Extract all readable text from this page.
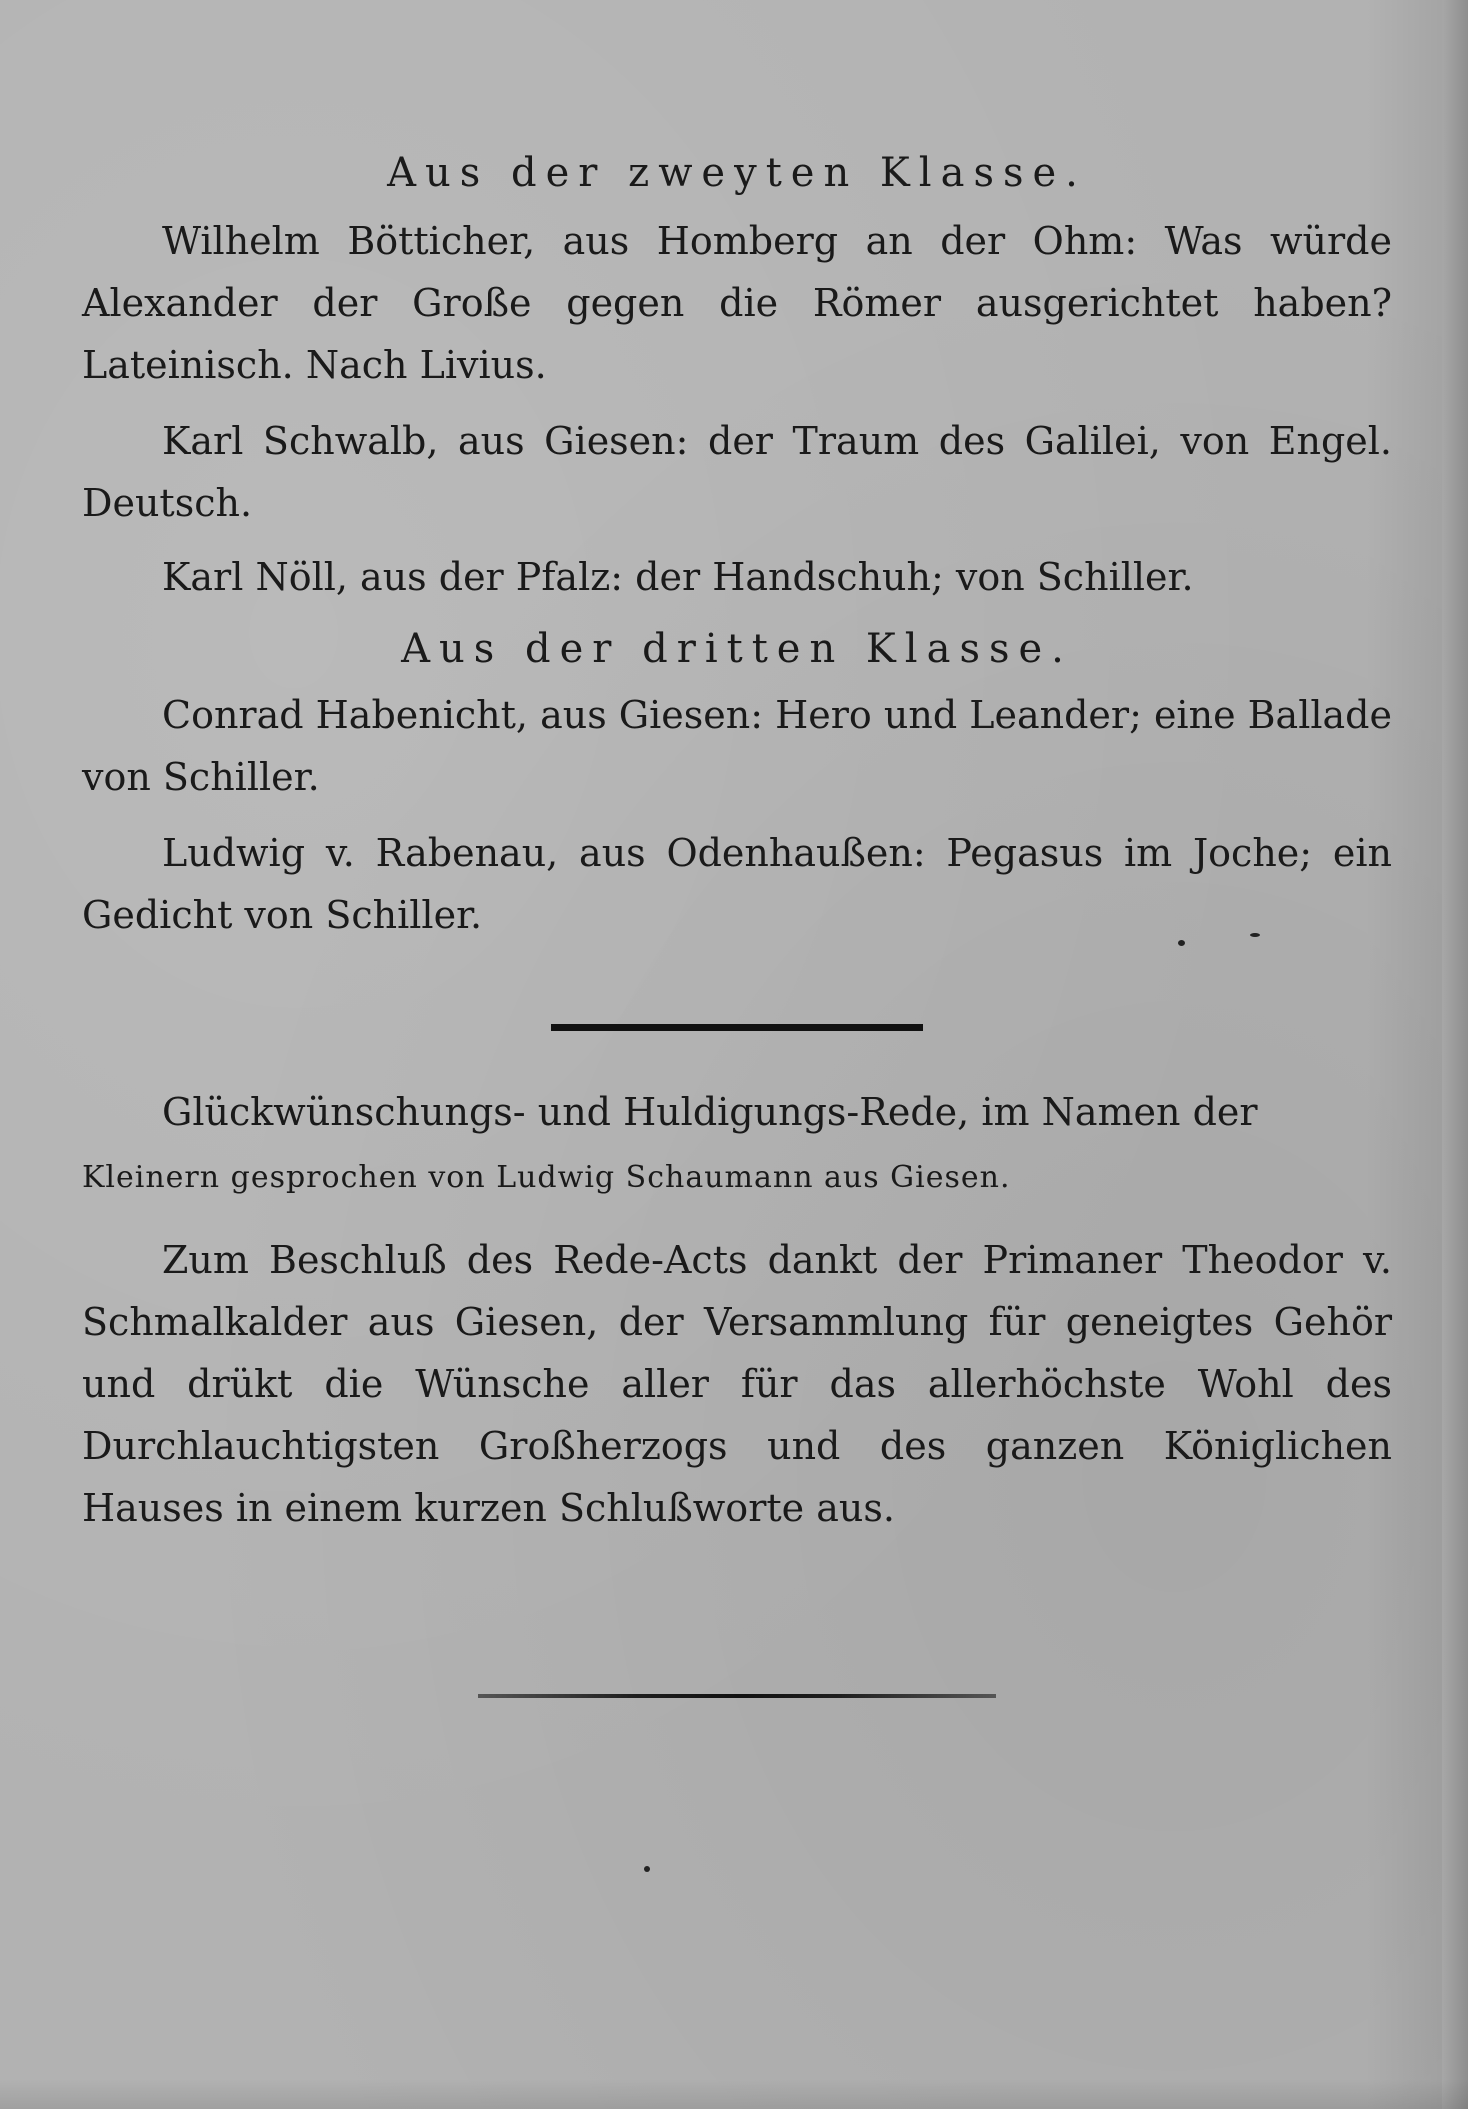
Aus der zweyten Klasse.

Wilhelm Bötticher, aus Homberg an der Ohm: Was würde Alexander der Große gegen die Römer ausgerichtet haben? Lateinisch. Nach Livius.

Karl Schwalb, aus Giesen: der Traum des Galilei, von Engel. Deutsch.

Karl Nöll, aus der Pfalz: der Handschuh; von Schiller.

Aus der dritten Klasse.

Conrad Habenicht, aus Giesen: Hero und Leander; eine Ballade von Schiller.

Ludwig v. Rabenau, aus Odenhaußen: Pegasus im Joche; ein Gedicht von Schiller.

Glückwünschungs- und Huldigungs-Rede, im Namen der
Kleinern gesprochen von Ludwig Schaumann aus Giesen.

Zum Beschluß des Rede-Acts dankt der Primaner Theodor v. Schmalkalder aus Giesen, der Versammlung für geneigtes Gehör und drükt die Wünsche aller für das allerhöchste Wohl des Durchlauchtigsten Großherzogs und des ganzen Königlichen Hauses in einem kurzen Schlußworte aus.
